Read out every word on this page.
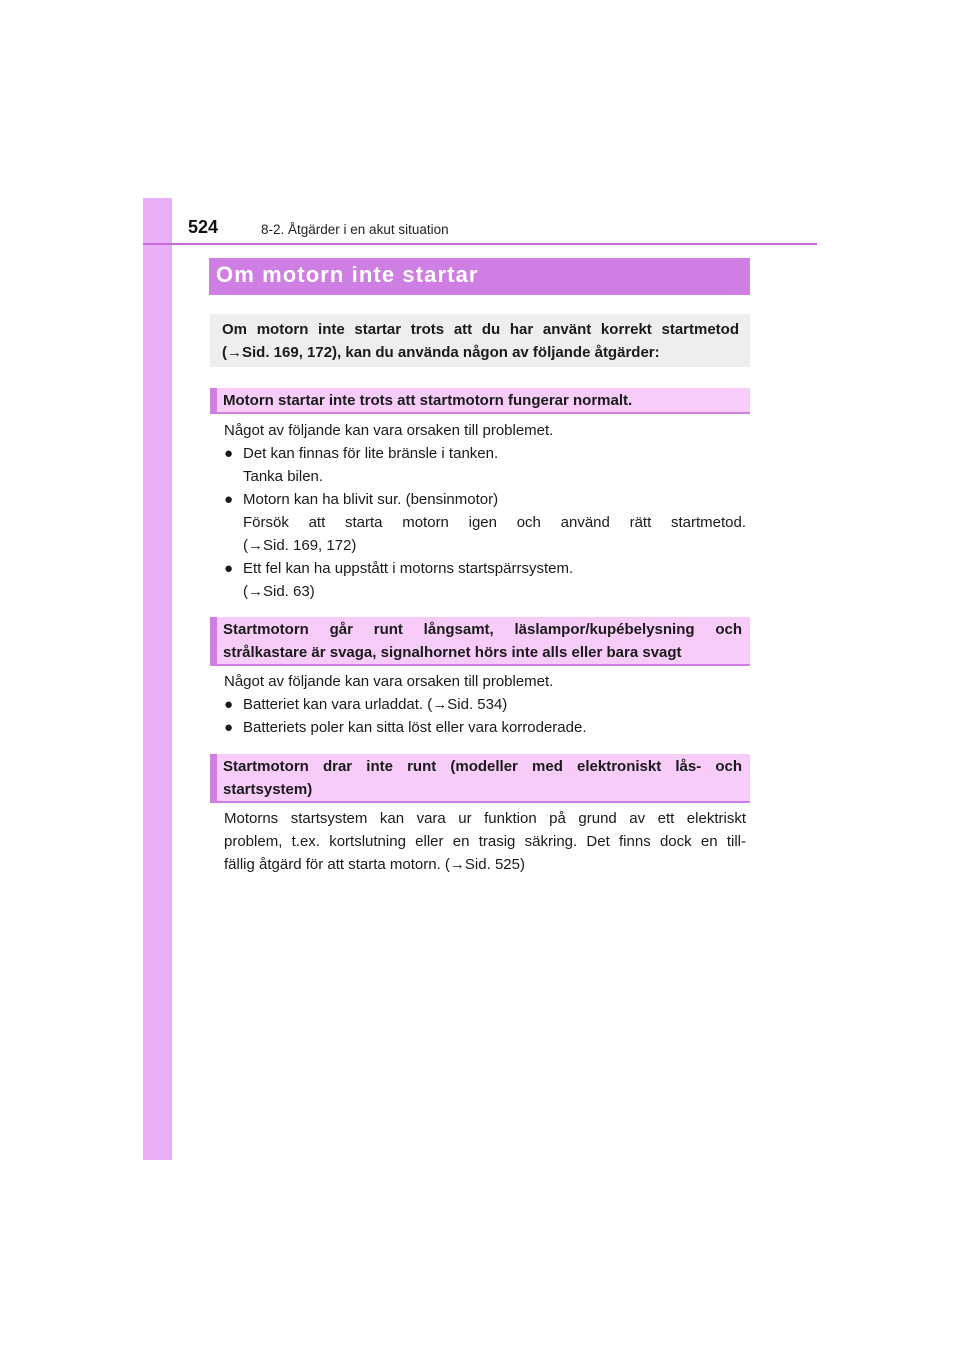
524	8-2. Åtgärder i en akut situation
Om motorn inte startar

Om motorn inte startar trots att du har använt korrekt startmetod

(→Sid. 169, 172), kan du använda någon av följande åtgärder:

Motorn startar inte trots att startmotorn fungerar normalt.

Något av följande kan vara orsaken till problemet.

● Det kan finnas för lite bränsle i tanken.

Tanka bilen.

● Motorn kan ha blivit sur. (bensinmotor)

Försök att starta motorn igen och använd rätt startmetod.

(→Sid. 169, 172)

● Ett fel kan ha uppstått i motorns startspärrsystem.

(→Sid. 63)

Startmotorn går runt långsamt, läslampor/kupébelysning och

strålkastare är svaga, signalhornet hörs inte alls eller bara svagt

Något av följande kan vara orsaken till problemet.

● Batteriet kan vara urladdat. (→Sid. 534)

● Batteriets poler kan sitta löst eller vara korroderade.

Startmotorn drar inte runt (modeller med elektroniskt lås- och

startsystem)

Motorns startsystem kan vara ur funktion på grund av ett elektriskt

problem, t.ex. kortslutning eller en trasig säkring. Det finns dock en till-

fällig åtgärd för att starta motorn. (→Sid. 525)
